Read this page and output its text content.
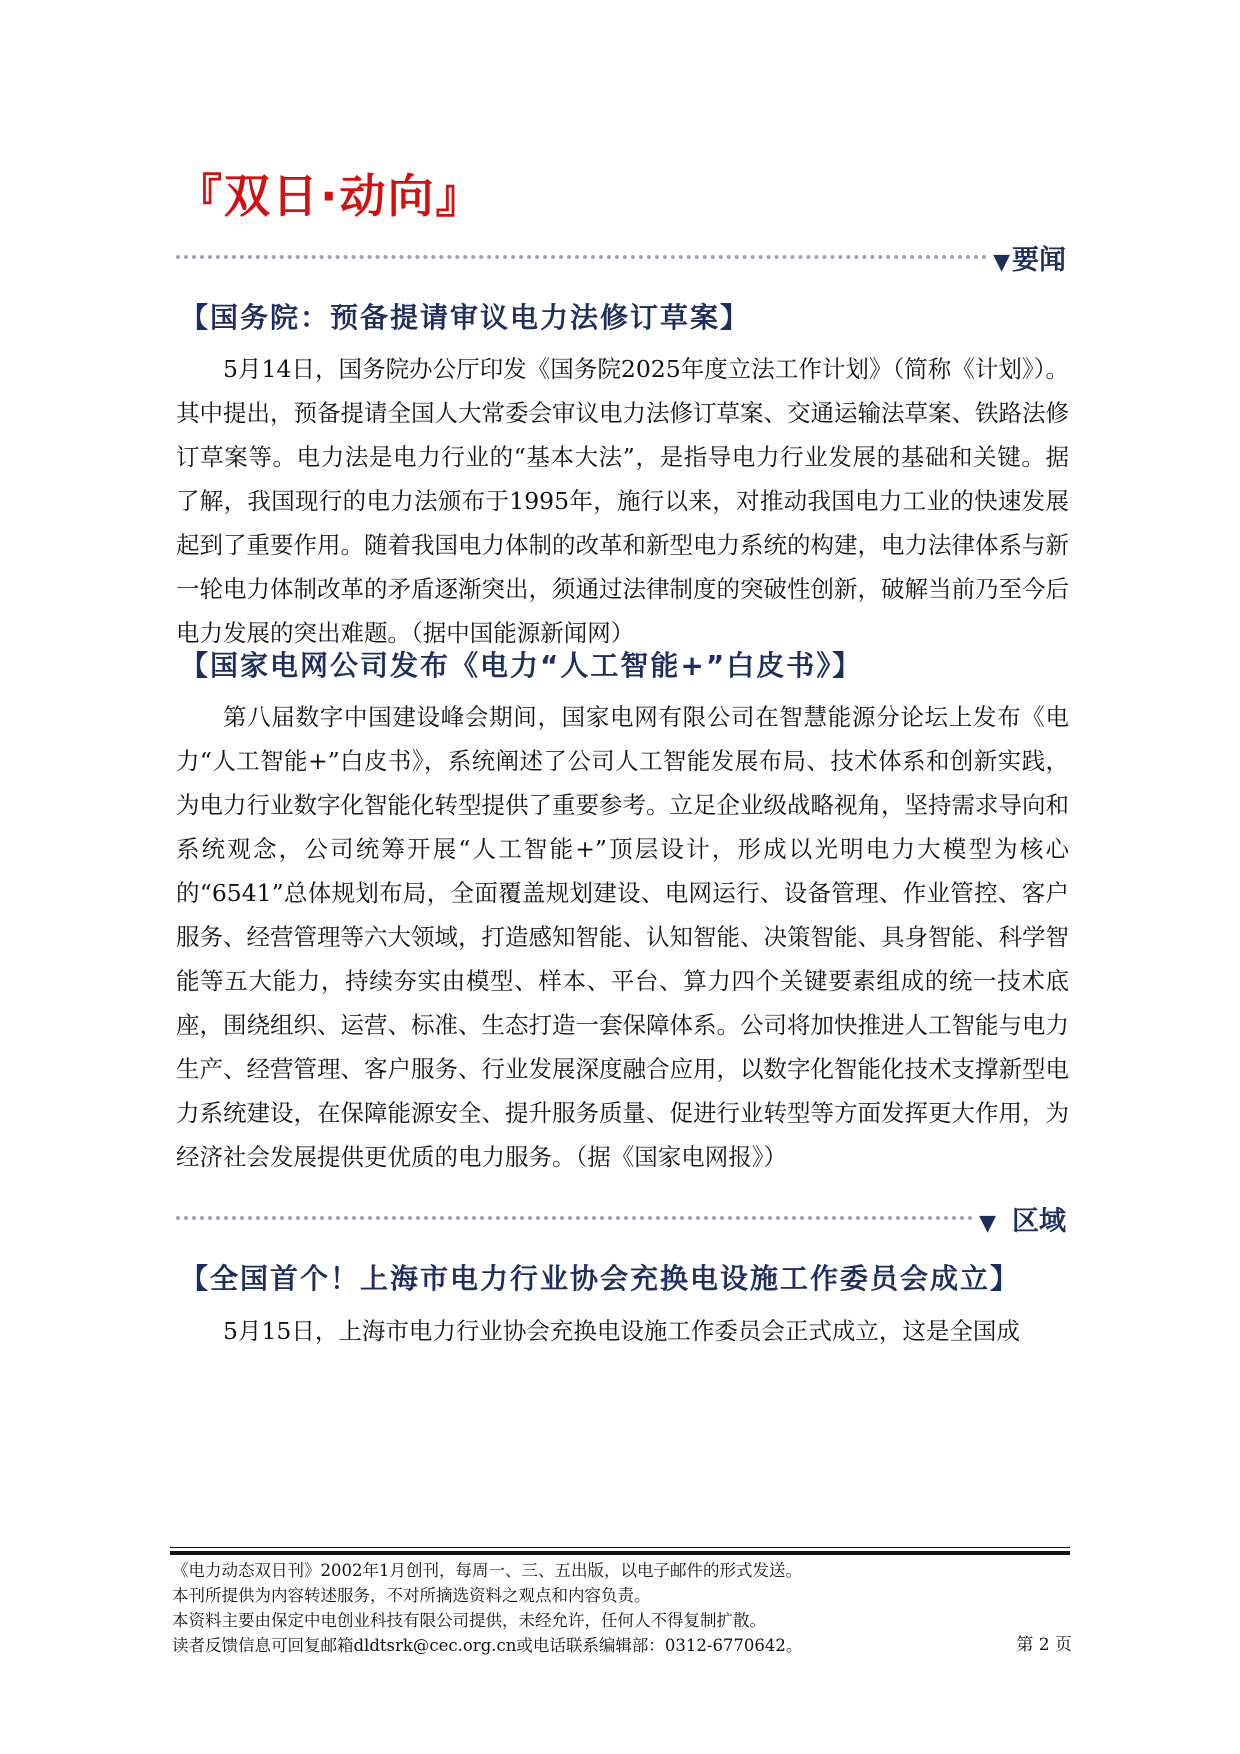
『双日·动向』
▼要闻
【国务院：预备提请审议电力法修订草案】

5月14日，国务院办公厅印发《国务院2025年度立法工作计划》（简称《计划》）。其中提出，预备提请全国人大常委会审议电力法修订草案、交通运输法草案、铁路法修订草案等。电力法是电力行业的“基本大法”，是指导电力行业发展的基础和关键。据了解，我国现行的电力法颁布于1995年，施行以来，对推动我国电力工业的快速发展起到了重要作用。随着我国电力体制的改革和新型电力系统的构建，电力法律体系与新一轮电力体制改革的矛盾逐渐突出，须通过法律制度的突破性创新，破解当前乃至今后电力发展的突出难题。（据中国能源新闻网）

【国家电网公司发布《电力“人工智能+”白皮书》】

第八届数字中国建设峰会期间，国家电网有限公司在智慧能源分论坛上发布《电力“人工智能+”白皮书》，系统阐述了公司人工智能发展布局、技术体系和创新实践，为电力行业数字化智能化转型提供了重要参考。立足企业级战略视角，坚持需求导向和系统观念，公司统筹开展“人工智能+”顶层设计，形成以光明电力大模型为核心的“6541”总体规划布局，全面覆盖规划建设、电网运行、设备管理、作业管控、客户服务、经营管理等六大领域，打造感知智能、认知智能、决策智能、具身智能、科学智能等五大能力，持续夯实由模型、样本、平台、算力四个关键要素组成的统一技术底座，围绕组织、运营、标准、生态打造一套保障体系。公司将加快推进人工智能与电力生产、经营管理、客户服务、行业发展深度融合应用，以数字化智能化技术支撑新型电力系统建设，在保障能源安全、提升服务质量、促进行业转型等方面发挥更大作用，为经济社会发展提供更优质的电力服务。（据《国家电网报》）

▼ 区域
【全国首个！上海市电力行业协会充换电设施工作委员会成立】

5月15日，上海市电力行业协会充换电设施工作委员会正式成立，这是全国成

《电力动态双日刊》2002年1月创刊，每周一、三、五出版，以电子邮件的形式发送。
本刊所提供为内容转述服务，不对所摘选资料之观点和内容负责。
本资料主要由保定中电创业科技有限公司提供，未经允许，任何人不得复制扩散。
读者反馈信息可回复邮箱dldtsrk@cec.org.cn或电话联系编辑部：0312-6770642。	第 2 页
